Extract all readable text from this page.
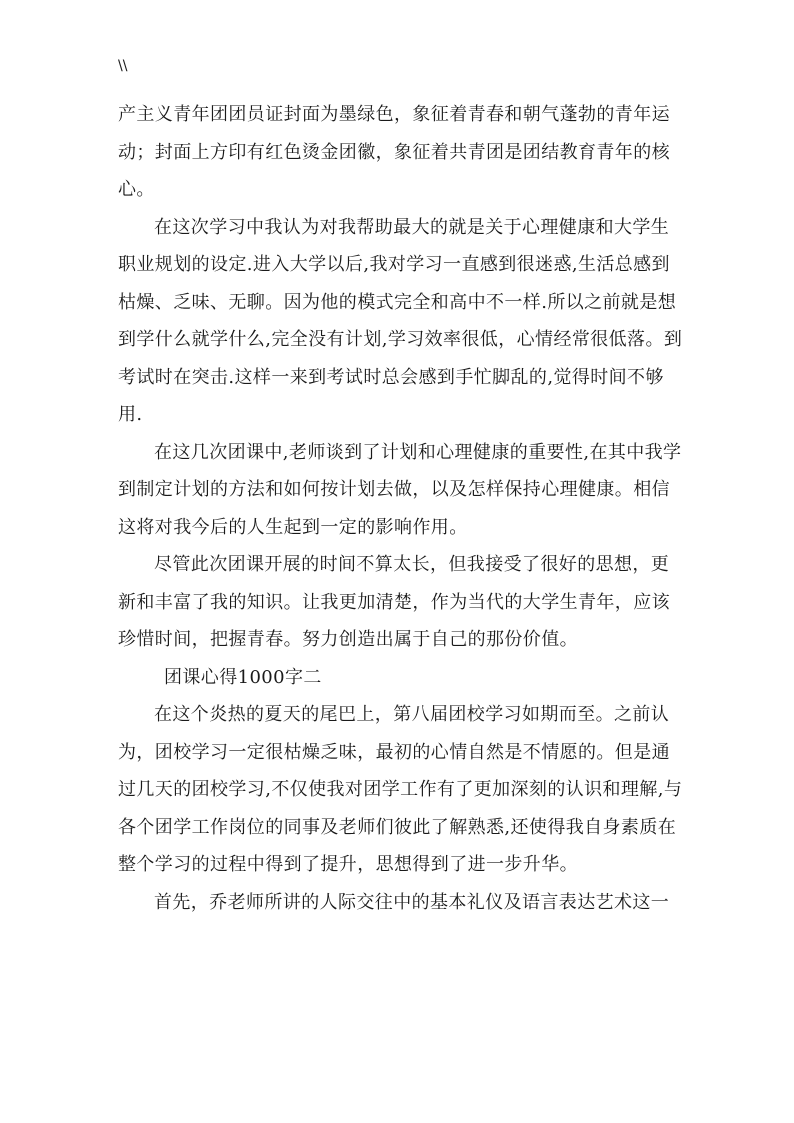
\\

产主义青年团团员证封面为墨绿色，象征着青春和朝气蓬勃的青年运动；封面上方印有红色烫金团徽，象征着共青团是团结教育青年的核心。

在这次学习中我认为对我帮助最大的就是关于心理健康和大学生职业规划的设定.进入大学以后,我对学习一直感到很迷惑,生活总感到枯燥、乏味、无聊。因为他的模式完全和高中不一样.所以之前就是想到学什么就学什么,完全没有计划,学习效率很低，心情经常很低落。到考试时在突击.这样一来到考试时总会感到手忙脚乱的,觉得时间不够用.

在这几次团课中,老师谈到了计划和心理健康的重要性,在其中我学到制定计划的方法和如何按计划去做，以及怎样保持心理健康。相信这将对我今后的人生起到一定的影响作用。

尽管此次团课开展的时间不算太长，但我接受了很好的思想，更新和丰富了我的知识。让我更加清楚，作为当代的大学生青年，应该珍惜时间，把握青春。努力创造出属于自己的那份价值。

团课心得1000字二

在这个炎热的夏天的尾巴上，第八届团校学习如期而至。之前认为，团校学习一定很枯燥乏味，最初的心情自然是不情愿的。但是通过几天的团校学习,不仅使我对团学工作有了更加深刻的认识和理解,与各个团学工作岗位的同事及老师们彼此了解熟悉,还使得我自身素质在整个学习的过程中得到了提升，思想得到了进一步升华。

首先，乔老师所讲的人际交往中的基本礼仪及语言表达艺术这一
